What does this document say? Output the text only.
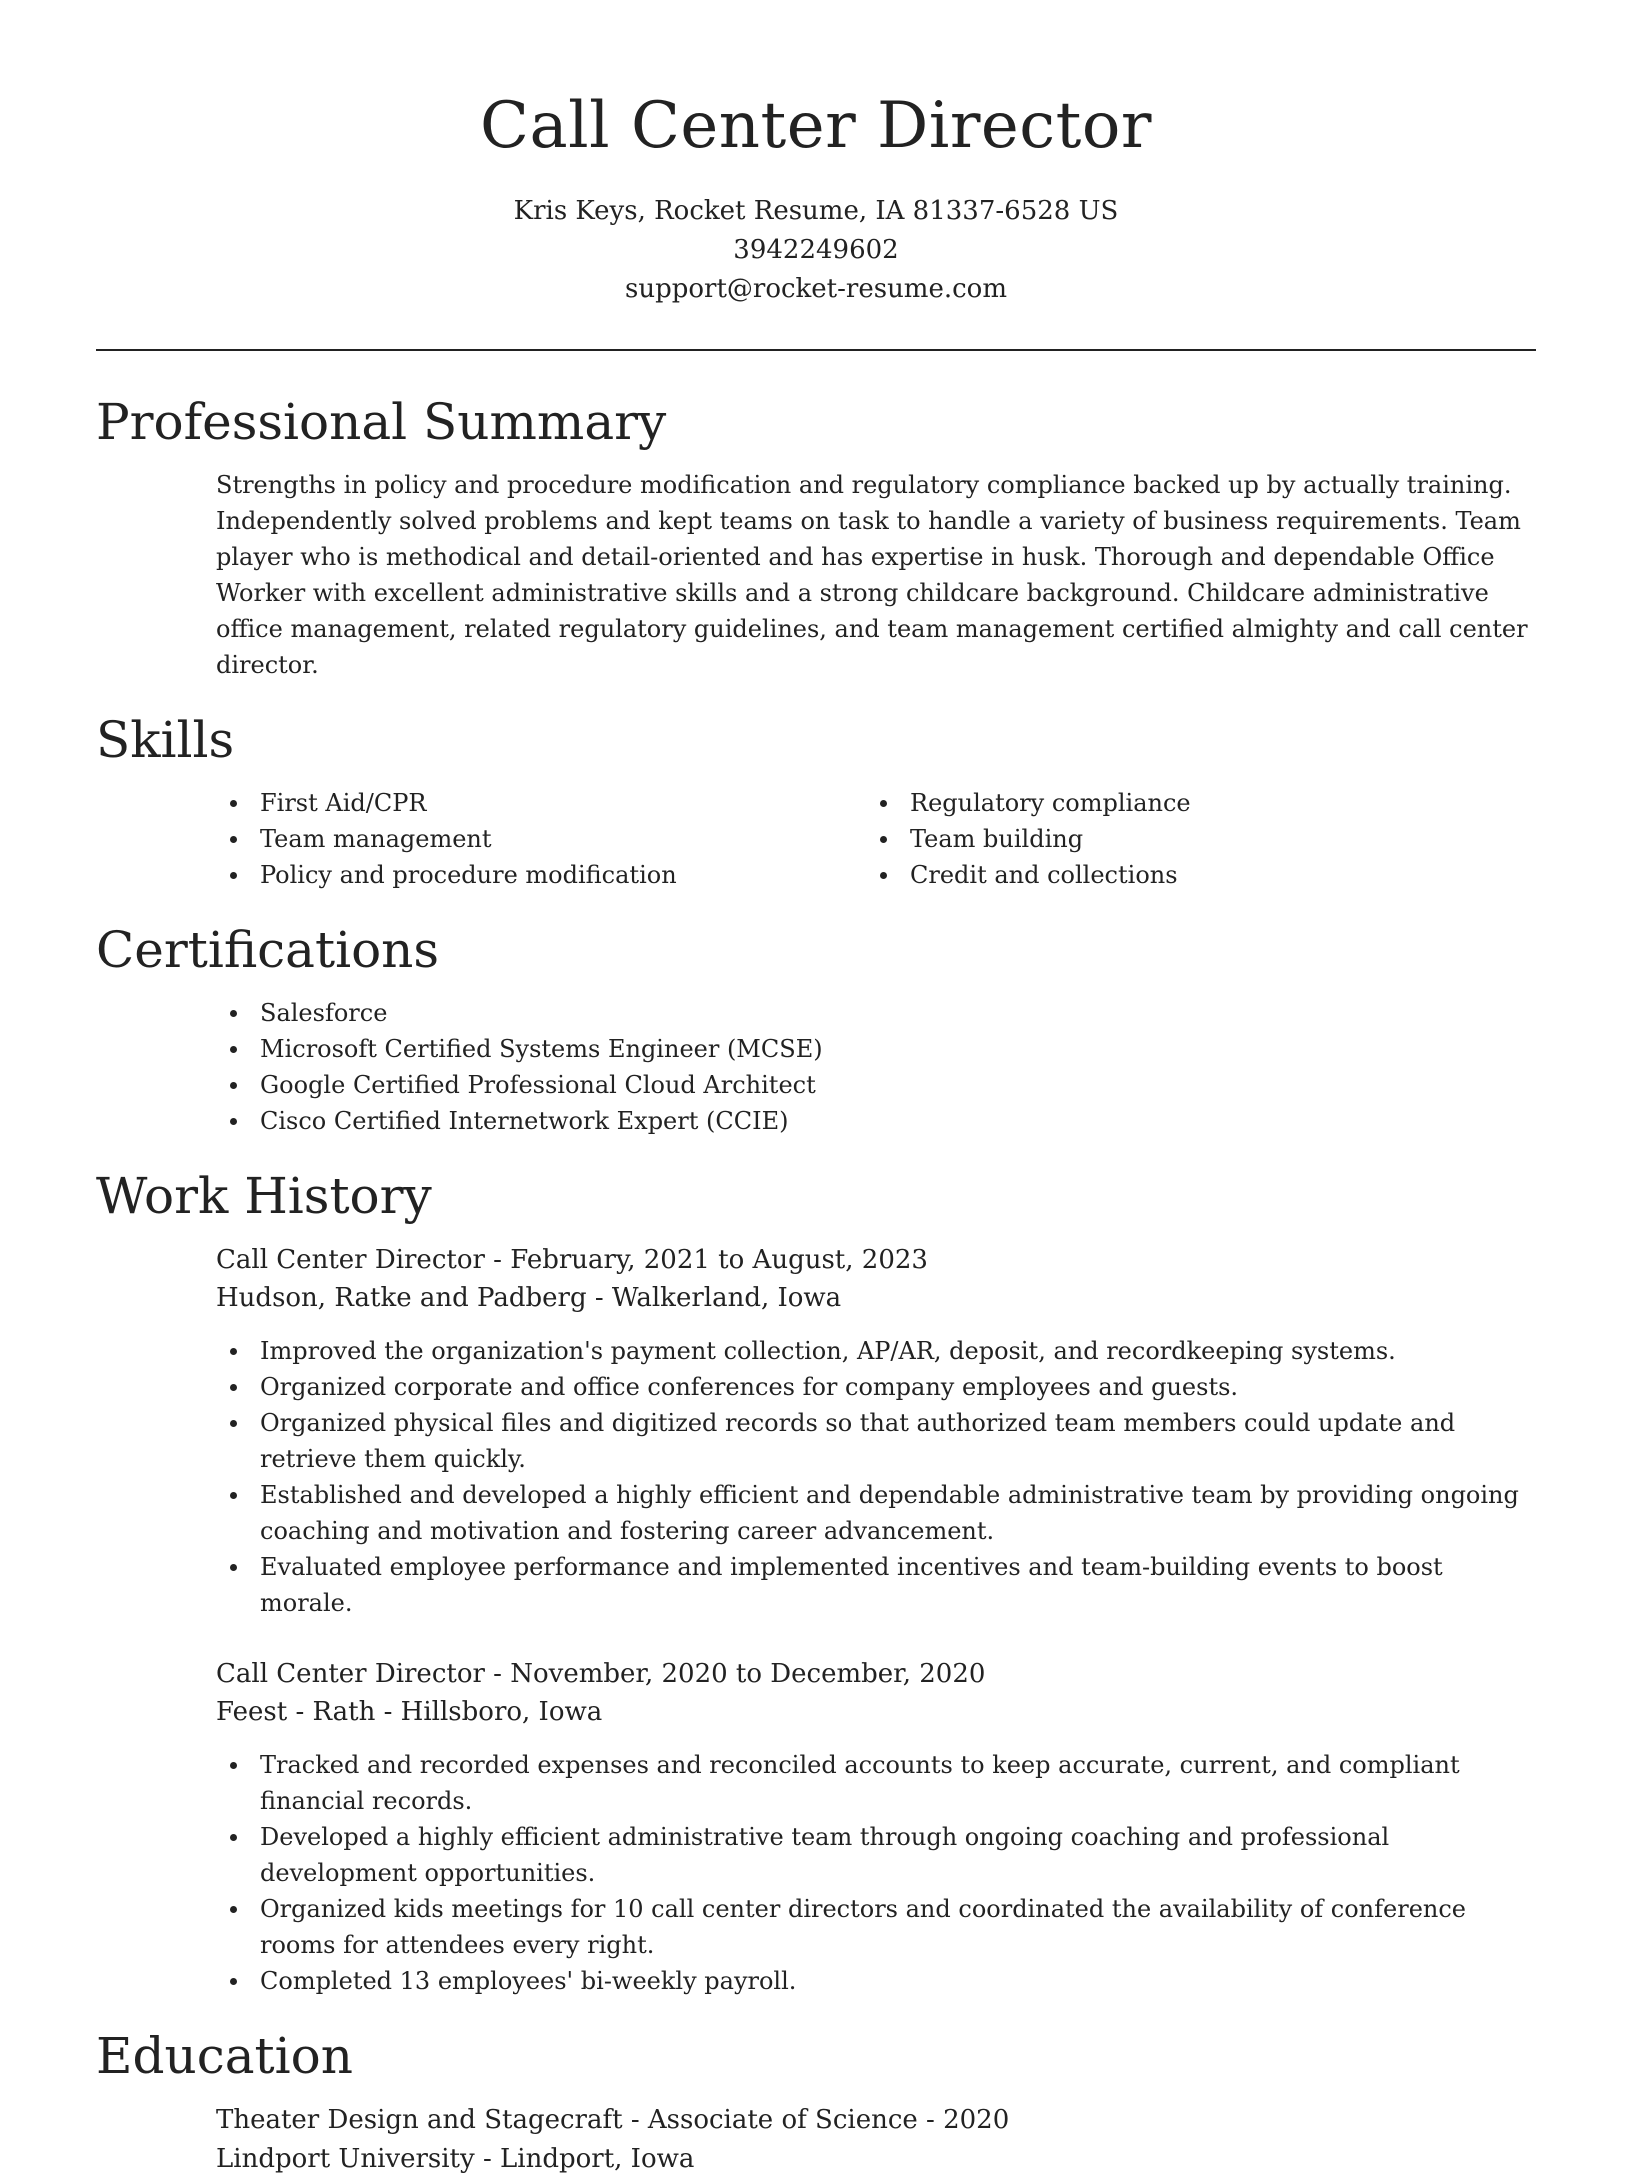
Call Center Director
Kris Keys, Rocket Resume, IA 81337-6528 US
3942249602
support@rocket-resume.com
Professional Summary

Strengths in policy and procedure modification and regulatory compliance backed up by actually training. Independently solved problems and kept teams on task to handle a variety of business requirements. Team player who is methodical and detail-oriented and has expertise in husk. Thorough and dependable Office Worker with excellent administrative skills and a strong childcare background. Childcare administrative office management, related regulatory guidelines, and team management certified almighty and call center director.

Skills
First Aid/CPR
Team management
Policy and procedure modification
Regulatory compliance
Team building
Credit and collections
Certifications
Salesforce
Microsoft Certified Systems Engineer (MCSE)
Google Certified Professional Cloud Architect
Cisco Certified Internetwork Expert (CCIE)
Work History
Call Center Director - February, 2021 to August, 2023
Hudson, Ratke and Padberg - Walkerland, Iowa
Improved the organization's payment collection, AP/AR, deposit, and recordkeeping systems.
Organized corporate and office conferences for company employees and guests.
Organized physical files and digitized records so that authorized team members could update and retrieve them quickly.
Established and developed a highly efficient and dependable administrative team by providing ongoing coaching and motivation and fostering career advancement.
Evaluated employee performance and implemented incentives and team-building events to boost morale.
Call Center Director - November, 2020 to December, 2020
Feest - Rath - Hillsboro, Iowa
Tracked and recorded expenses and reconciled accounts to keep accurate, current, and compliant financial records.
Developed a highly efficient administrative team through ongoing coaching and professional development opportunities.
Organized kids meetings for 10 call center directors and coordinated the availability of conference rooms for attendees every right.
Completed 13 employees' bi-weekly payroll.
Education
Theater Design and Stagecraft - Associate of Science - 2020
Lindport University - Lindport, Iowa
